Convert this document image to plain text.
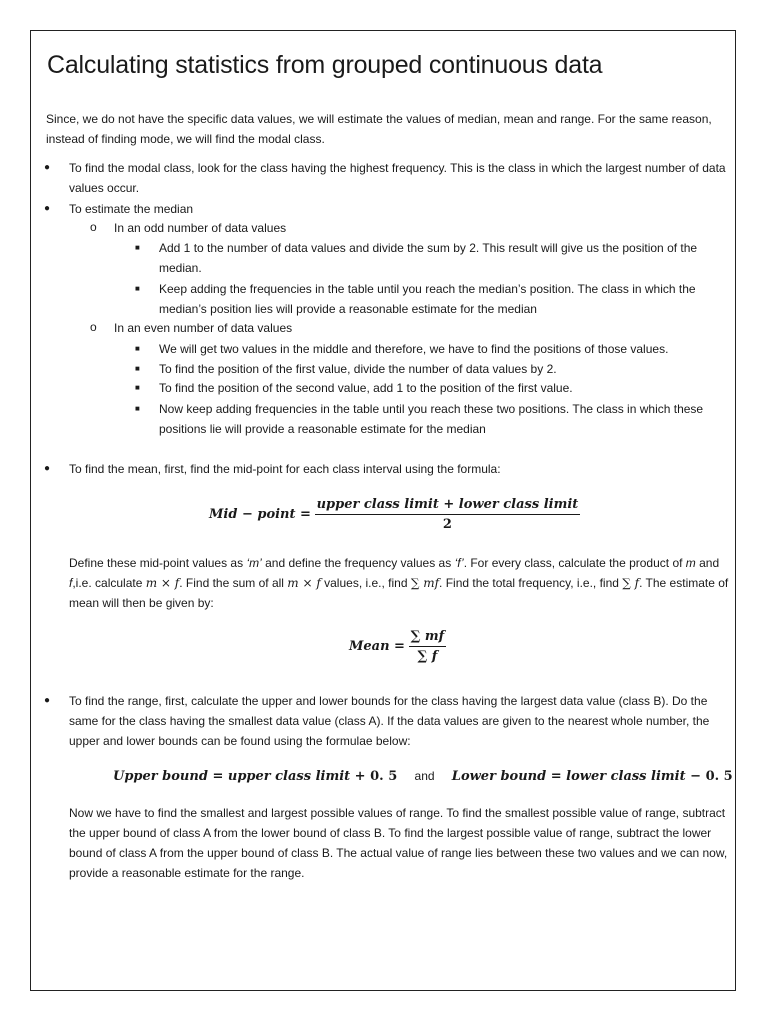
Calculating statistics from grouped continuous data

Since, we do not have the specific data values, we will estimate the values of median, mean and range. For the same reason, instead of finding mode, we will find the modal class.

● To find the modal class, look for the class having the highest frequency. This is the class in which the largest number of data values occur.
● To estimate the median
o In an odd number of data values
■ Add 1 to the number of data values and divide the sum by 2. This result will give us the position of the median.
■ Keep adding the frequencies in the table until you reach the median’s position. The class in which the median’s position lies will provide a reasonable estimate for the median
o In an even number of data values
■ We will get two values in the middle and therefore, we have to find the positions of those values.
■ To find the position of the first value, divide the number of data values by 2.
■ To find the position of the second value, add 1 to the position of the first value.
■ Now keep adding frequencies in the table until you reach these two positions. The class in which these positions lie will provide a reasonable estimate for the median
● To find the mean, first, find the mid-point for each class interval using the formula:
Mid − point = $\frac{\text{upper class limit + lower class limit}}{2}$

Define these mid-point values as ‘m’ and define the frequency values as ‘f’. For every class, calculate the product of m and f,i.e. calculate m × f. Find the sum of all m × f values, i.e., find ∑ mf. Find the total frequency, i.e., find ∑ f. The estimate of mean will then be given by:

Mean = $\frac{\sum mf}{\sum f}$
● To find the range, first, calculate the upper and lower bounds for the class having the largest data value (class B). Do the same for the class having the smallest data value (class A). If the data values are given to the nearest whole number, the upper and lower bounds can be found using the formulae below:
Upper bound = upper class limit + 0. 5 and Lower bound = lower class limit − 0. 5

Now we have to find the smallest and largest possible values of range. To find the smallest possible value of range, subtract the upper bound of class A from the lower bound of class B. To find the largest possible value of range, subtract the lower bound of class A from the upper bound of class B. The actual value of range lies between these two values and we can now, provide a reasonable estimate for the range.
